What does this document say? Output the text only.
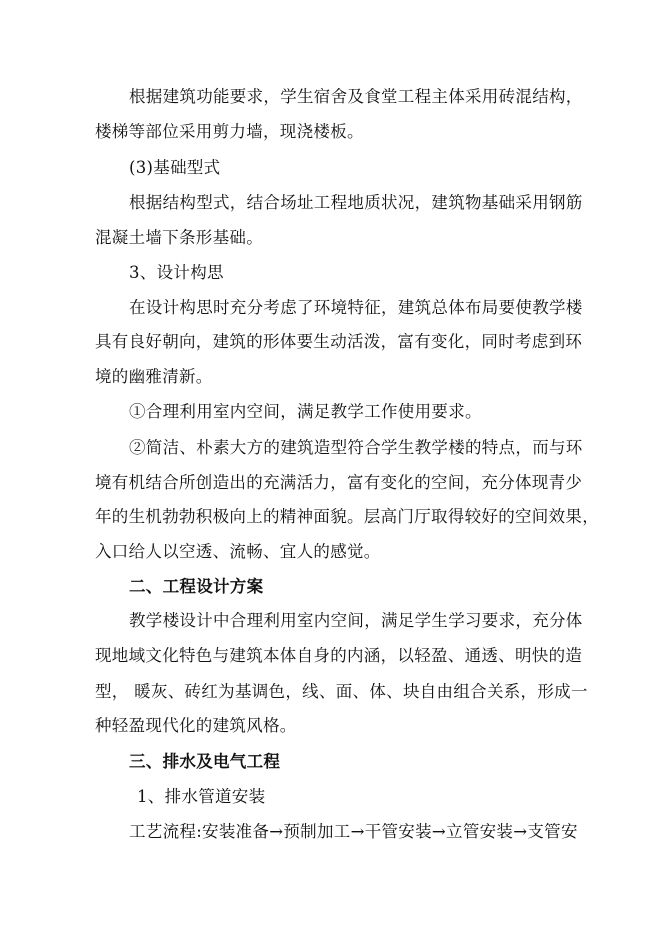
根据建筑功能要求，学生宿舍及食堂工程主体采用砖混结构，
楼梯等部位采用剪力墙，现浇楼板。
(3)基础型式
根据结构型式，结合场址工程地质状况，建筑物基础采用钢筋
混凝土墙下条形基础。
3、设计构思
在设计构思时充分考虑了环境特征，建筑总体布局要使教学楼
具有良好朝向，建筑的形体要生动活泼，富有变化，同时考虑到环
境的幽雅清新。
①合理利用室内空间，满足教学工作使用要求。
②简洁、朴素大方的建筑造型符合学生教学楼的特点，而与环
境有机结合所创造出的充满活力，富有变化的空间，充分体现青少
年的生机勃勃积极向上的精神面貌。层高门厅取得较好的空间效果，
入口给人以空透、流畅、宜人的感觉。
二、工程设计方案
教学楼设计中合理利用室内空间，满足学生学习要求，充分体
现地域文化特色与建筑本体自身的内涵，以轻盈、通透、明快的造
型， 暖灰、砖红为基调色，线、面、体、块自由组合关系，形成一
种轻盈现代化的建筑风格。
三、排水及电气工程
1、排水管道安装
工艺流程:安装准备→预制加工→干管安装→立管安装→支管安
